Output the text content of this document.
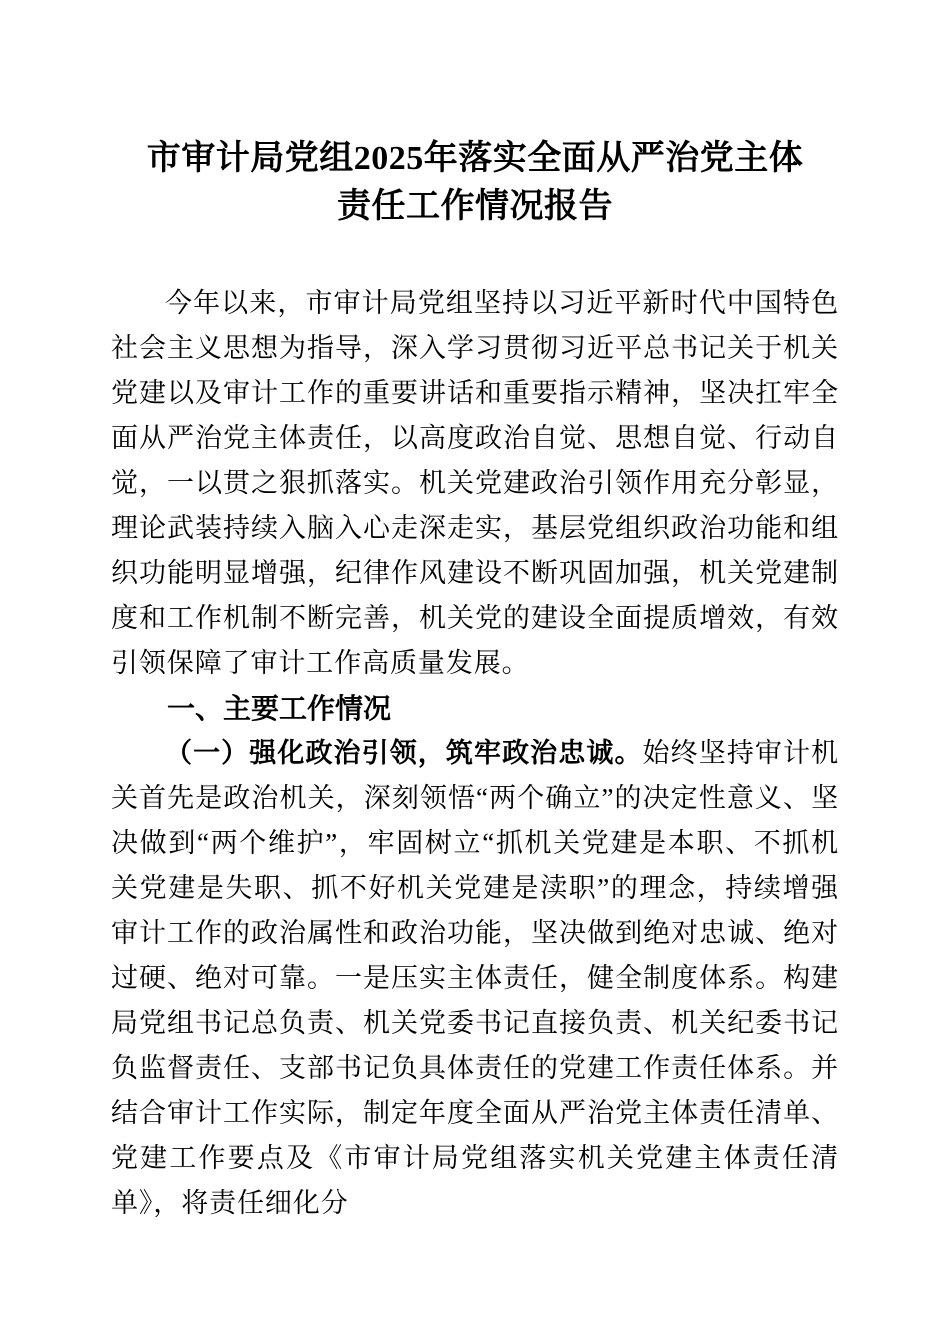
市审计局党组2025年落实全面从严治党主体责任工作情况报告

今年以来，市审计局党组坚持以习近平新时代中国特色社会主义思想为指导，深入学习贯彻习近平总书记关于机关党建以及审计工作的重要讲话和重要指示精神，坚决扛牢全面从严治党主体责任，以高度政治自觉、思想自觉、行动自觉，一以贯之狠抓落实。机关党建政治引领作用充分彰显，理论武装持续入脑入心走深走实，基层党组织政治功能和组织功能明显增强，纪律作风建设不断巩固加强，机关党建制度和工作机制不断完善，机关党的建设全面提质增效，有效引领保障了审计工作高质量发展。

一、主要工作情况

（一）强化政治引领，筑牢政治忠诚。始终坚持审计机关首先是政治机关，深刻领悟“两个确立”的决定性意义、坚决做到“两个维护”，牢固树立“抓机关党建是本职、不抓机关党建是失职、抓不好机关党建是渎职”的理念，持续增强审计工作的政治属性和政治功能，坚决做到绝对忠诚、绝对过硬、绝对可靠。一是压实主体责任，健全制度体系。构建局党组书记总负责、机关党委书记直接负责、机关纪委书记负监督责任、支部书记负具体责任的党建工作责任体系。并结合审计工作实际，制定年度全面从严治党主体责任清单、党建工作要点及《市审计局党组落实机关党建主体责任清单》，将责任细化分
